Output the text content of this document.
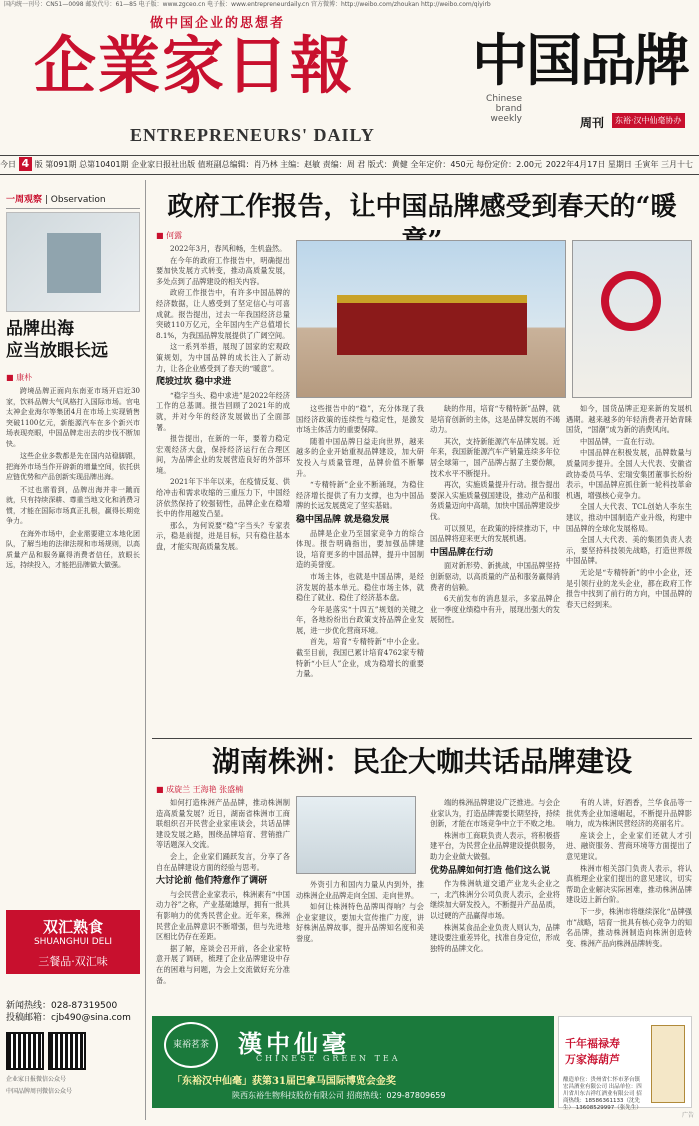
国内统一刊号：CN51—0098 邮发代号：61—85 电子版：www.zgceo.cn 电子报：www.entrepreneurdaily.cn 官方微博：http://weibo.com/zhoukan http://weibo.com/qiyirb
做中国企业的思想者
企業家日報
ENTREPRENEURS' DAILY
中国品牌
Chinese brand weekly	周刊	东裕·汉中仙毫协办
今日 4 版 第091期 总第10401期 企业家日报社出版 值班副总编辑：肖乃林 主编：赵敏 责编：周 君 版式：黄健 全年定价：450元 每份定价：2.00元 2022年4月17日 星期日 壬寅年 三月十七
一周观察 | Observation
品牌出海
应当放眼长远
■ 康朴

跨境品牌正面向东南亚市场开启近30家，饮料品牌大气风格打入国际市场。官电太神企业海尔等集团4月在市场上实现销售突破1100亿元，新能源汽车在多个新兴市场表现亮眼，中国品牌走出去的步伐不断加快。

这些企业多数都是先在国内站稳脚跟，把海外市场当作开辟新的增量空间，依托供应链优势和产品创新实现品牌出海。

不过也需看到，品牌出海并非一蹴而就，只有持续深耕、尊重当地文化和消费习惯，才能在国际市场真正扎根，赢得长期竞争力。

在海外市场中，企业需要建立本地化团队，了解当地的法律法规和市场规则，以高质量产品和服务赢得消费者信任，放眼长远，持续投入，才能把品牌做大做强。

双汇熟食
SHUANGHUI DELI
三餐品·双汇味
新闻热线：028-87319500
投稿邮箱：cjb490@sina.com
企业家日报微信公众号
中国品牌周刊微信公众号
政府工作报告，让中国品牌感受到春天的“暖
■ 何露

2022年3月，春风和畅，生机盎然。

在今年的政府工作报告中，明确提出要加快发展方式转变，推动高质量发展，多处点到了品牌建设的相关内容。

政府工作报告中，有许多中国品牌的经济数据，让人感受到了坚定信心与可喜成就。报告提出，过去一年我国经济总量突破110万亿元，全年国内生产总值增长8.1%，为我国品牌发展提供了广阔空间。

这一系列举措，展现了国家的宏观政策规划，为中国品牌的成长注入了新动力，让各企业感受到了春天的“暖意”。

爬坡过坎 稳中求进

“稳字当头、稳中求进”是2022年经济工作的总基调。报告回顾了2021年的成就，并对今年的经济发展做出了全面部署。

报告提出，在新的一年，要着力稳定宏观经济大盘，保持经济运行在合理区间，为品牌企业的发展营造良好的外部环境。

2021年下半年以来，在疫情反复、供给冲击和需求收缩的三重压力下，中国经济依然保持了较强韧性，品牌企业在稳增长中的作用越发凸显。

那么，为何说要“稳”字当头？专家表示，稳是前提，进是目标，只有稳住基本盘，才能实现高质量发展。

这些报告中的“稳”，充分体现了我国经济政策的连续性与稳定性，是激发市场主体活力的重要保障。

随着中国品牌日益走向世界，越来越多的企业开始重视品牌建设，加大研发投入与质量管理，品牌价值不断攀升。

“专精特新”企业不断涌现，为稳住经济增长提供了有力支撑，也为中国品牌的长远发展奠定了坚实基础。

稳中国品牌 就是稳发展

品牌是企业乃至国家竞争力的综合体现。报告明确指出，要加强品牌建设，培育更多的中国品牌，提升中国制造的美誉度。

市场主体，也就是中国品牌，是经济发展的基本单元。稳住市场主体，就稳住了就业、稳住了经济基本盘。

今年是落实“十四五”规划的关键之年，各地纷纷出台政策支持品牌企业发展，进一步优化营商环境。

首先，培育“专精特新”中小企业。截至目前，我国已累计培育4762家专精特新“小巨人”企业，成为稳增长的重要力量。

缺的作用，培育“专精特新”品牌，就是培育创新的主体，这是品牌发展的不竭动力。

其次，支持新能源汽车品牌发展。近年来，我国新能源汽车产销量连续多年位居全球第一，国产品牌占据了主要份额，技术水平不断提升。

再次，实施质量提升行动。报告提出要深入实施质量强国建设，推动产品和服务质量迈向中高端，加快中国品牌建设步伐。

可以预见，在政策的持续推动下，中国品牌将迎来更大的发展机遇。

中国品牌在行动

面对新形势、新挑战，中国品牌坚持创新驱动，以高质量的产品和服务赢得消费者的信赖。

6天前发布的消息显示，多家品牌企业一季度业绩稳中有升，展现出强大的发展韧性。

如今，国货品牌正迎来新的发展机遇期。越来越多的年轻消费者开始青睐国货，“国潮”成为新的消费风向。

中国品牌，一直在行动。

中国品牌在积极发展，品牌数量与质量同步提升。全国人大代表、安徽省政协委员马华、宏瑞安集团董事长纷纷表示，中国品牌应抓住新一轮科技革命机遇，增强核心竞争力。

全国人大代表、TCL创始人李东生建议，推动中国制造产业升级，构建中国品牌的全球化发展格局。

全国人大代表、美的集团负责人表示，要坚持科技领先战略，打造世界级中国品牌。

无论是“专精特新”的中小企业，还是引领行业的龙头企业，都在政府工作报告中找到了前行的方向，中国品牌的春天已经到来。

湖南株洲：民企大咖共话品牌建设
■ 成旋兰 王海艳 张盛楠

如何打造株洲产品品牌，推动株洲制造高质量发展？近日，湖南省株洲市工商联组织召开民营企业家座谈会，共话品牌建设发展之路，围绕品牌培育、营销推广等话题深入交流。

会上，企业家们踊跃发言，分享了各自在品牌建设方面的经验与思考。

大讨论前 他们特意作了调研

与会民营企业家表示，株洲素有“中国动力谷”之称，产业基础雄厚，拥有一批具有影响力的优秀民营企业。近年来，株洲民营企业品牌意识不断增强，但与先进地区相比仍存在差距。

据了解，座谈会召开前，各企业家特意开展了调研，梳理了企业品牌建设中存在的困难与问题，为会上交流做好充分准备。

外资引力和国内力量从内到外，推动株洲企业品牌走向全国、走向世界。

如何让株洲特色品牌叫得响？与会企业家建议，要加大宣传推广力度，讲好株洲品牌故事，提升品牌知名度和美誉度。

端的株洲品牌建设广泛推进。与会企业家认为，打造品牌需要长期坚持，持续创新，才能在市场竞争中立于不败之地。

株洲市工商联负责人表示，将积极搭建平台，为民营企业品牌建设提供服务，助力企业做大做强。

优势品牌如何打造 他们这么说

作为株洲轨道交通产业龙头企业之一，北汽株洲分公司负责人表示，企业将继续加大研发投入，不断提升产品品质，以过硬的产品赢得市场。

株洲某食品企业负责人则认为，品牌建设要注重差异化，找准自身定位，形成独特的品牌文化。

有的人讲，好酒香，兰华食品等一批优秀企业加速崛起，不断提升品牌影响力，成为株洲民营经济的亮丽名片。

座谈会上，企业家们还就人才引进、融资服务、营商环境等方面提出了意见建议。

株洲市相关部门负责人表示，将认真梳理企业家们提出的意见建议，切实帮助企业解决实际困难，推动株洲品牌建设迈上新台阶。

下一步，株洲市将继续深化“品牌强市”战略，培育一批具有核心竞争力的知名品牌，推动株洲制造向株洲创造转变、株洲产品向株洲品牌转变。

東裕茗茶	漢中仙毫
CHINESE GREEN TEA
「东裕汉中仙毫」获第31届巴拿马国际博览会金奖
陕西东裕生物科技股份有限公司 招商热线：029-87809659
千年福禄寿
万家海葫芦
酿造单位：贵州省仁怀市茅台镇宏昌酒业有限公司 出品单位：四川省川东吉祥红酒业有限公司 招商热线：18586361133（沈先生） 13608529997（张先生）
广告
